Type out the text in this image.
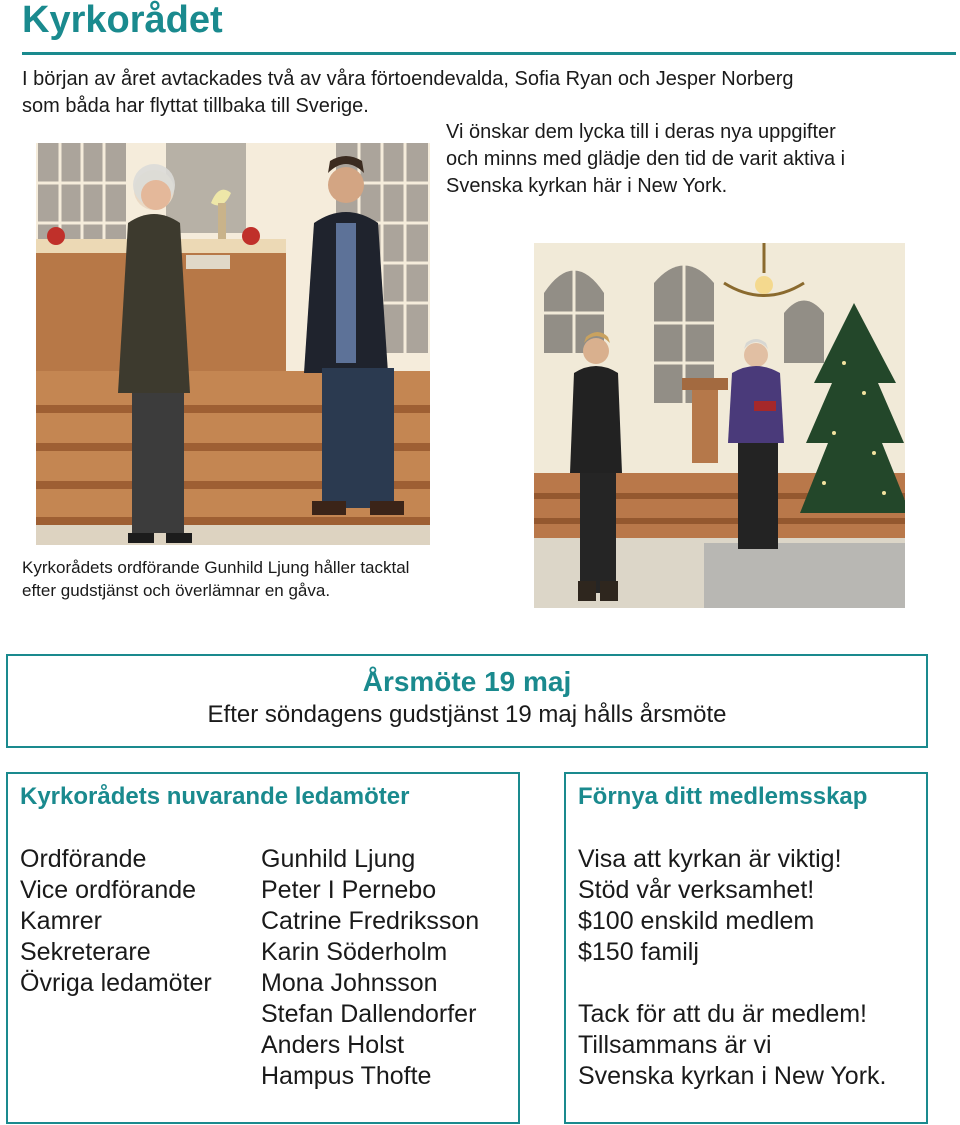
Kyrkorådet
I början av året avtackades två av våra förtoendevalda, Sofia Ryan och Jesper Norberg
som båda har flyttat tillbaka till Sverige.
Vi önskar dem lycka till i deras nya uppgifter
och minns med glädje den tid de varit aktiva i
Svenska kyrkan här i New York.
Kyrkorådets ordförande Gunhild Ljung håller tacktal
efter gudstjänst och överlämnar en gåva.
Årsmöte 19 maj
Efter söndagens gudstjänst 19 maj hålls årsmöte
Kyrkorådets nuvarande ledamöter
Ordförande
Vice ordförande
Kamrer
Sekreterare
Övriga ledamöter
Gunhild Ljung
Peter I Pernebo
Catrine Fredriksson
Karin Söderholm
Mona Johnsson
Stefan Dallendorfer
Anders Holst
Hampus Thofte
Förnya ditt medlemsskap
Visa att kyrkan är viktig!
Stöd vår verksamhet!
$100 enskild medlem
$150 familj

Tack för att du är medlem!
Tillsammans är vi
Svenska kyrkan i New York.
